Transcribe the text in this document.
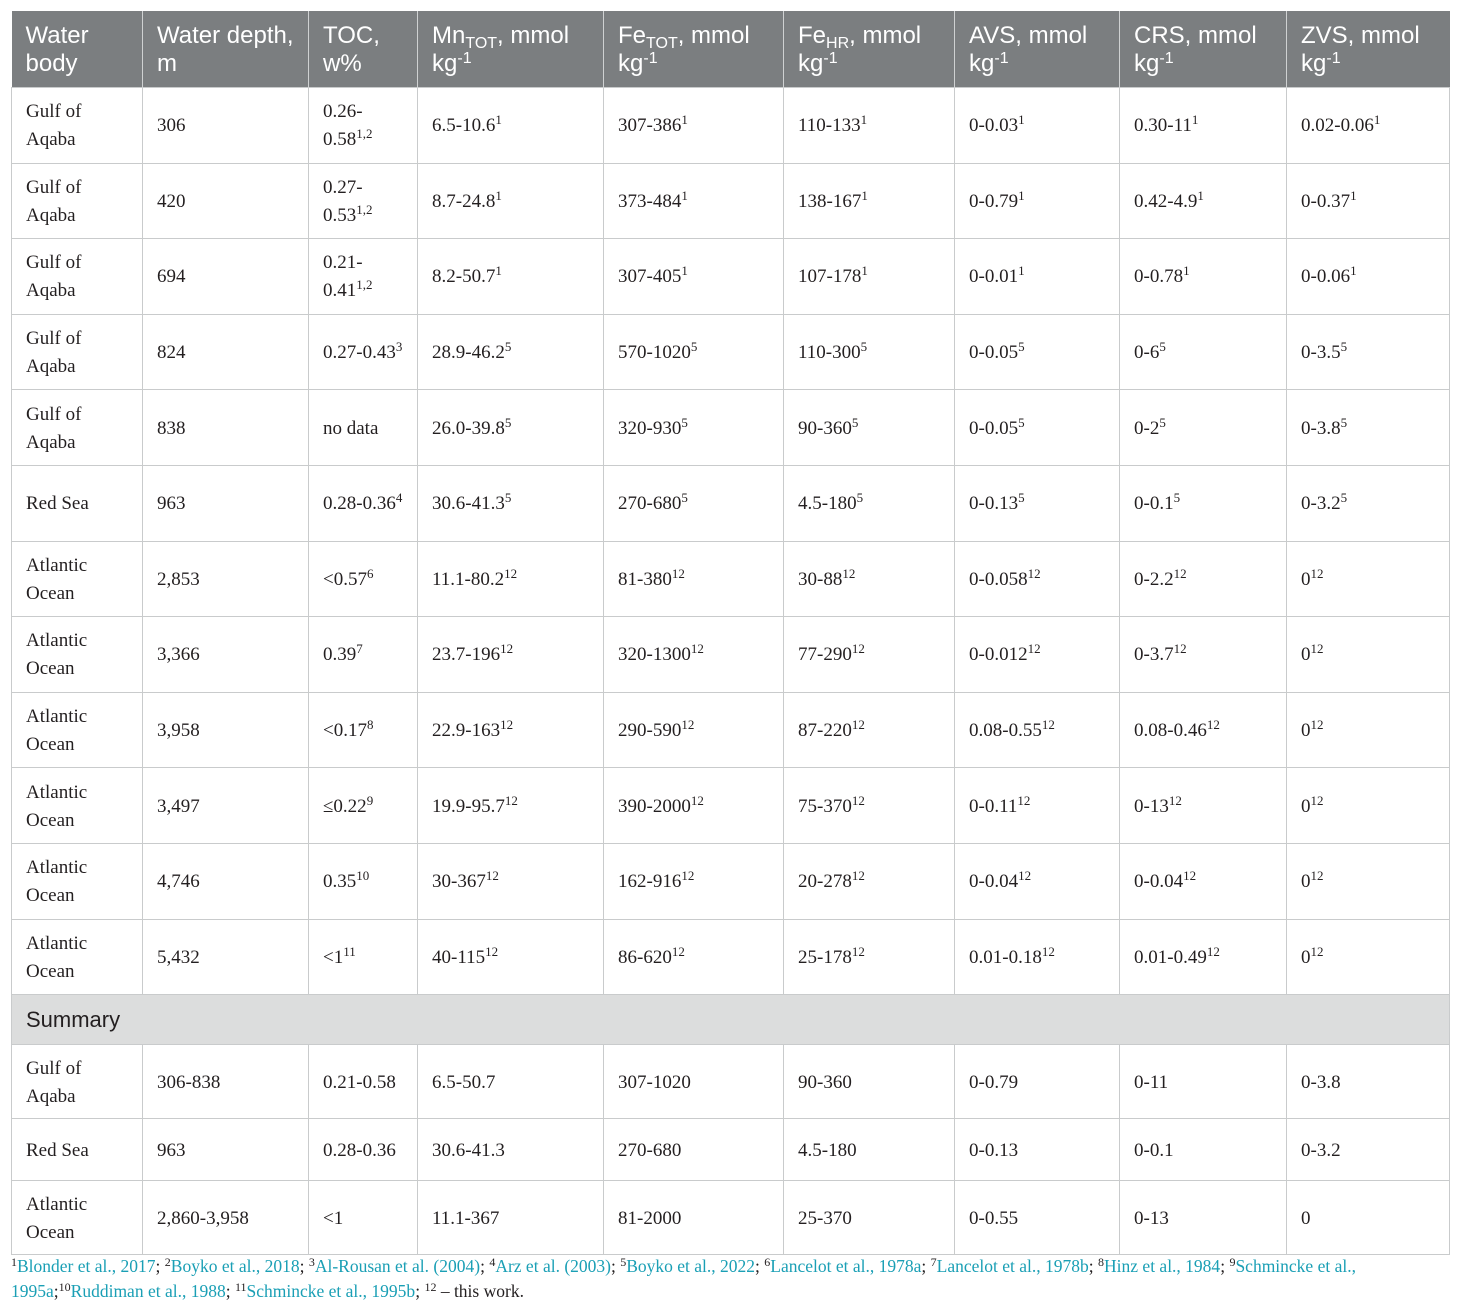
Water body	Water depth, m	TOC, w%	$Mn_{TOT}$, mmol $kg^{-1}$	$Fe_{TOT}$, mmol $kg^{-1}$	$Fe_{HR}$, mmol $kg^{-1}$	AVS, mmol $kg^{-1}$	CRS, mmol $kg^{-1}$	ZVS, mmol $kg^{-1}$
Gulf of Aqaba	306	0.26-0.58$^{1,2}$	6.5-10.6$^1$	$307-386^1$	$110-133^1$	0-0.03$^1$	$0.30-11^1$	0.02-0.06$^1$
Gulf of Aqaba	420	0.27-0.53$^{1,2}$	8.7-24.8$^1$	$373-484^1$	$138-167^1$	0-0.79$^1$	$0.42-4.9^1$	0-0.37$^1$
Gulf of Aqaba	694	0.21-0.41$^{1,2}$	8.2-50.7$^1$	$307-405^1$	$107-178^1$	0-0.01$^1$	0-0.78$^1$	0-0.06$^1$
Gulf of Aqaba	824	0.27-0.43$^3$	28.9-46.2$^5$	570-1020$^5$	$110-300^5$	0-0.05$^5$	$0-6^5$	$0-3.5^5$
Gulf of Aqaba	838	no data	26.0-39.8$^5$	$320-930^5$	$90-360^5$	0-0.05$^5$	$0-2^5$	$0-3.8^5$
Red Sea	963	0.28-0.36$^4$	30.6-41.3$^5$	$270-680^5$	$4.5-180^5$	0-0.13$^5$	$0-0.1^5$	$0-3.2^5$
Atlantic Ocean	2,853	$<0.57^6$	11.1-80.2$^{12}$	$81-380^{12}$	$30-88^{12}$	0-0.058$^{12}$	$0-2.2^{12}$	$0^{12}$
Atlantic Ocean	3,366	0.39$^7$	$23.7-196^{12}$	320-1300$^{12}$	$77-290^{12}$	0-0.012$^{12}$	$0-3.7^{12}$	$0^{12}$
Atlantic Ocean	3,958	$<0.17^8$	$22.9-163^{12}$	$290-590^{12}$	$87-220^{12}$	0.08-0.55$^{12}$	0.08-0.46$^{12}$	$0^{12}$
Atlantic Ocean	3,497	$\le 0.22^9$	19.9-95.7$^{12}$	390-2000$^{12}$	$75-370^{12}$	0-0.11$^{12}$	$0-13^{12}$	$0^{12}$
Atlantic Ocean	4,746	0.35$^{10}$	$30-367^{12}$	$162-916^{12}$	$20-278^{12}$	0-0.04$^{12}$	0-0.04$^{12}$	$0^{12}$
Atlantic Ocean	5,432	$<1^{11}$	$40-115^{12}$	$86-620^{12}$	$25-178^{12}$	0.01-0.18$^{12}$	0.01-0.49$^{12}$	$0^{12}$
Summary								
Gulf of Aqaba	306-838	0.21-0.58	6.5-50.7	307-1020	90-360	0-0.79	0-11	0-3.8
Red Sea	963	0.28-0.36	30.6-41.3	270-680	4.5-180	0-0.13	0-0.1	0-3.2
Atlantic Ocean	2,860-3,958	<1	11.1-367	81-2000	25-370	0-0.55	0-13	0
$^1$Blonder et al., 2017; $^2$Boyko et al., 2018; $^3$Al-Rousan et al. (2004); $^4$Arz et al. (2003); $^5$Boyko et al., 2022; $^6$Lancelot et al., 1978a; $^7$Lancelot et al., 1978b; $^8$Hinz et al., 1984; $^9$Schmincke et al., 1995a;$^{10}$Ruddiman et al., 1988; $^{11}$Schmincke et al., 1995b; $^{12}$ – this work.
